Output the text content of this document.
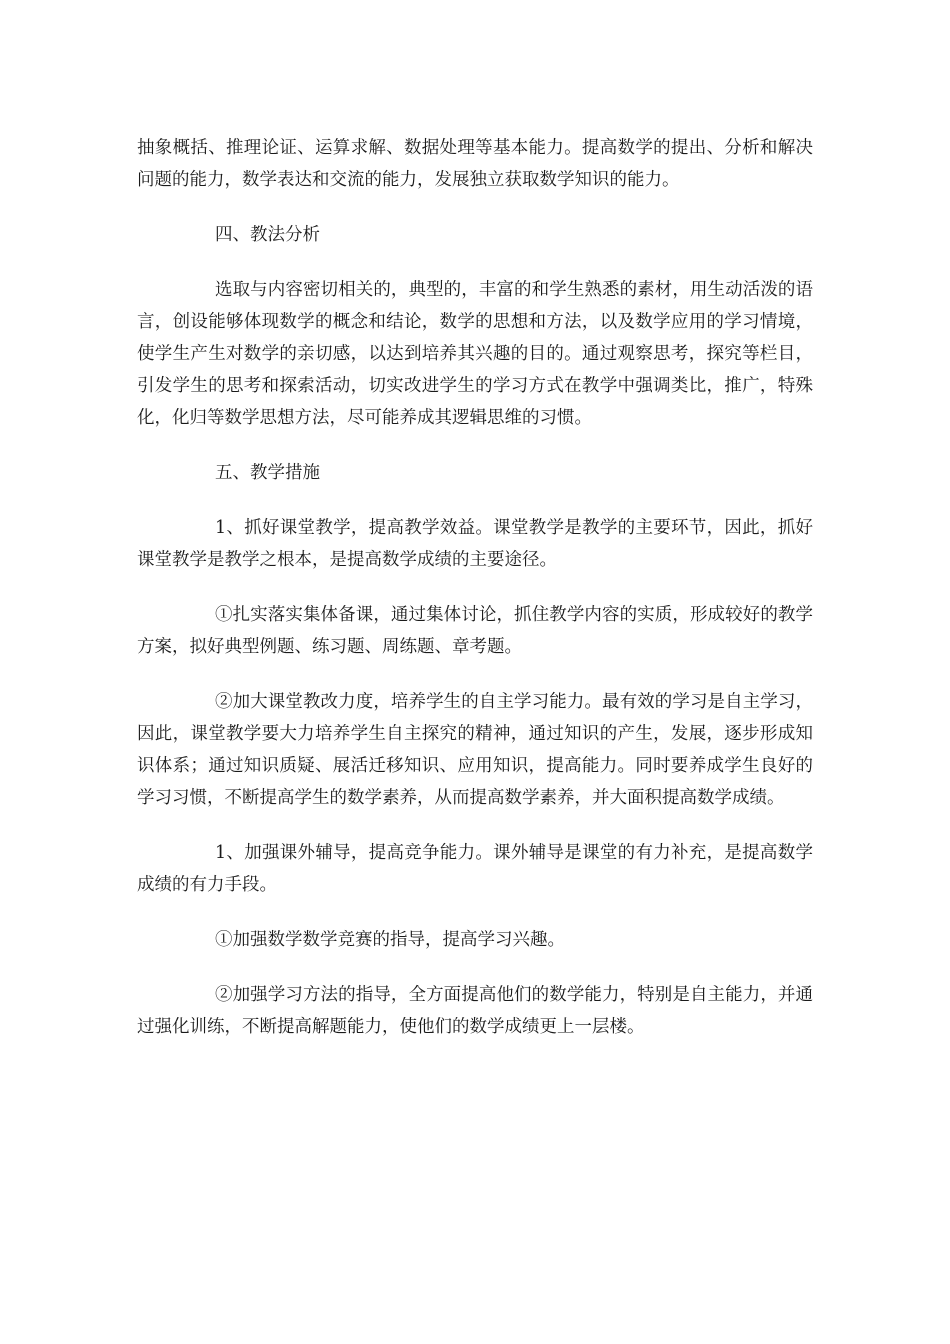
抽象概括、推理论证、运算求解、数据处理等基本能力。提高数学的提出、分析和解决问题的能力，数学表达和交流的能力，发展独立获取数学知识的能力。

四、教法分析

选取与内容密切相关的，典型的，丰富的和学生熟悉的素材，用生动活泼的语言，创设能够体现数学的概念和结论，数学的思想和方法，以及数学应用的学习情境，使学生产生对数学的亲切感，以达到培养其兴趣的目的。通过观察思考，探究等栏目，引发学生的思考和探索活动，切实改进学生的学习方式在教学中强调类比，推广，特殊化，化归等数学思想方法，尽可能养成其逻辑思维的习惯。

五、教学措施

1、抓好课堂教学，提高教学效益。课堂教学是教学的主要环节，因此，抓好课堂教学是教学之根本，是提高数学成绩的主要途径。

①扎实落实集体备课，通过集体讨论，抓住教学内容的实质，形成较好的教学方案，拟好典型例题、练习题、周练题、章考题。

②加大课堂教改力度，培养学生的自主学习能力。最有效的学习是自主学习，因此，课堂教学要大力培养学生自主探究的精神，通过知识的产生，发展，逐步形成知识体系；通过知识质疑、展活迁移知识、应用知识，提高能力。同时要养成学生良好的学习习惯，不断提高学生的数学素养，从而提高数学素养，并大面积提高数学成绩。

1、加强课外辅导，提高竞争能力。课外辅导是课堂的有力补充，是提高数学成绩的有力手段。

①加强数学数学竞赛的指导，提高学习兴趣。

②加强学习方法的指导，全方面提高他们的数学能力，特别是自主能力，并通过强化训练，不断提高解题能力，使他们的数学成绩更上一层楼。
